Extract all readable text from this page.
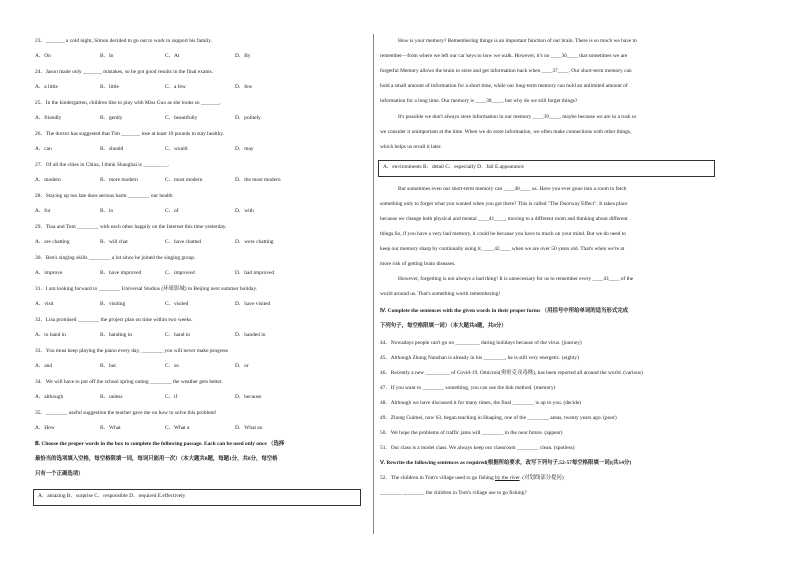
23．_______ a cold night, Simon decided to go out to work to support his family.
A．On	B．In	C．At	D．By
24．Jason made only _______ mistakes, so he got good results in the final exams.
A．a little	B．little	C．a few	D．few
25．In the kindergarten, children like to play with Miss Guo as she looks so _______.
A．friendly	B．gently	C．beautifully	D．politely
26．The doctor has suggested that Tim _______ lose at least 10 pounds to stay healthy.
A．can	B．should	C．would	D．may
27．Of all the cities in China, I think Shanghai is _________.
A．modern	B．more modern	C．most modern	D．the most modern
28．Staying up too late does serious harm ________ our health
A．for	B．to	C．of	D．with
29．Tina and Tom ________ with each other happily on the Internet this time yesterday.
A．are chatting	B．will chat	C．have chatted	D．were chatting
30．Ben's singing skills ________ a lot since he joined the singing group.
A．improve	B．have improved	C．improved	D．had improved
31．I am looking forward to ________ Universal Studios (环球影城) in Beijing next summer holiday.
A．visit	B．visiting	C．visited	D．have visited
32．Lisa promised ________ the project plan on time within two weeks.
A．to hand in	B．handing in	C．hand in	D．handed in
33．You must keep playing the piano every day, ________ you will never make progress
A．and	B．but	C．so	D．or
34．We will have to put off the school spring outing ________ the weather gets better.
A．although	B．unless	C．if	D．because
35．________ useful suggestion the teacher gave me on how to solve this problem!
A．How	B．What	C．What a	D．What an
Ⅲ. Choose the proper words in the box to complete the following passage. Each can be used only once （选择
最恰当的选项填入空格，每空格限填一词，每词只能用一次）（本大题共8题，每题1分，共8分，每空格
只有一个正确选项）
A．amazing B．surprise C．responsible D．required E.effectively
How is your memory? Remembering things is an important function of our brain. There is so much we have to
remember—from where we left our car keys to how we walk. However, it's no ____36____ that sometimes we are
forgetful Memory allows the brain to store and get information back when ____37____. Our short-term memory can
hold a small amount of information for a short time, while our long-term memory can hold an unlimited amount of
information for a long time. Our memory is ____38____, but why do we still forget things?
It's possible we don't always store information in our memory ____39____, maybe because we are in a rush or
we consider it unimportant at the time. When we do store information, we often make connections with other things,
which helps us recall it later.
A．environments B．detail C．especially D．fail E.appearance
But sometimes even our short-term memory can ____40____ us. Have you ever gone into a room to fetch
something only to forget what you wanted when you got there? This is called "The Doorway Effect". It takes place
because we change both physical and mental ____41____, moving to a different room and thinking about different
things.So, if you have a very bad memory, it could be because you have to much on your mind. But we do need to
keep our memory sharp by continually using it, ____42____ when we are over 50 years old. That's when we're at
more risk of getting brain diseases.
However, forgetting is not always a bad thing! It is unnecessary for us to remember every ____43____ of the
world around us. That's something worth remembering!
Ⅳ. Complete the sentences with the given words in their proper forms （用括号中所给单词的适当形式完成
下列句子，每空格限填一词）（本大题共8题，共8分）
44．Nowadays people can't go on _________ during holidays because of the virus. (journey)
45．Although Zhong Nanshan is already in his ________, he is still very energetic. (eighty)
46．Recently a new _________ of Covid-19, Omicron(奥密克戎毒株), has been reported all around the world. (various)
47．If you want to ________ something, you can use the link method. (memory)
48．Although we have discussed it for many times, the final ________ is up to you. (decide)
49．Zhong Guimei, now 63, began teaching in Huaping, one of the ________ areas, twenty years ago. (poor)
50．We hope the problems of traffic jams will ________ in the near future. (appear)
51．Our class is a model class. We always keep our classroom ________ clean. (spotless)
Ⅴ. Rewrite the following sentences as required(根据所给要求，改写下列句子,52-57每空格限填一词)(共14分)
52．The children in Tom's village used to go fishing by the river. (对划线部分提问)
________ ________ the children in Tom's village use to go fishing?
